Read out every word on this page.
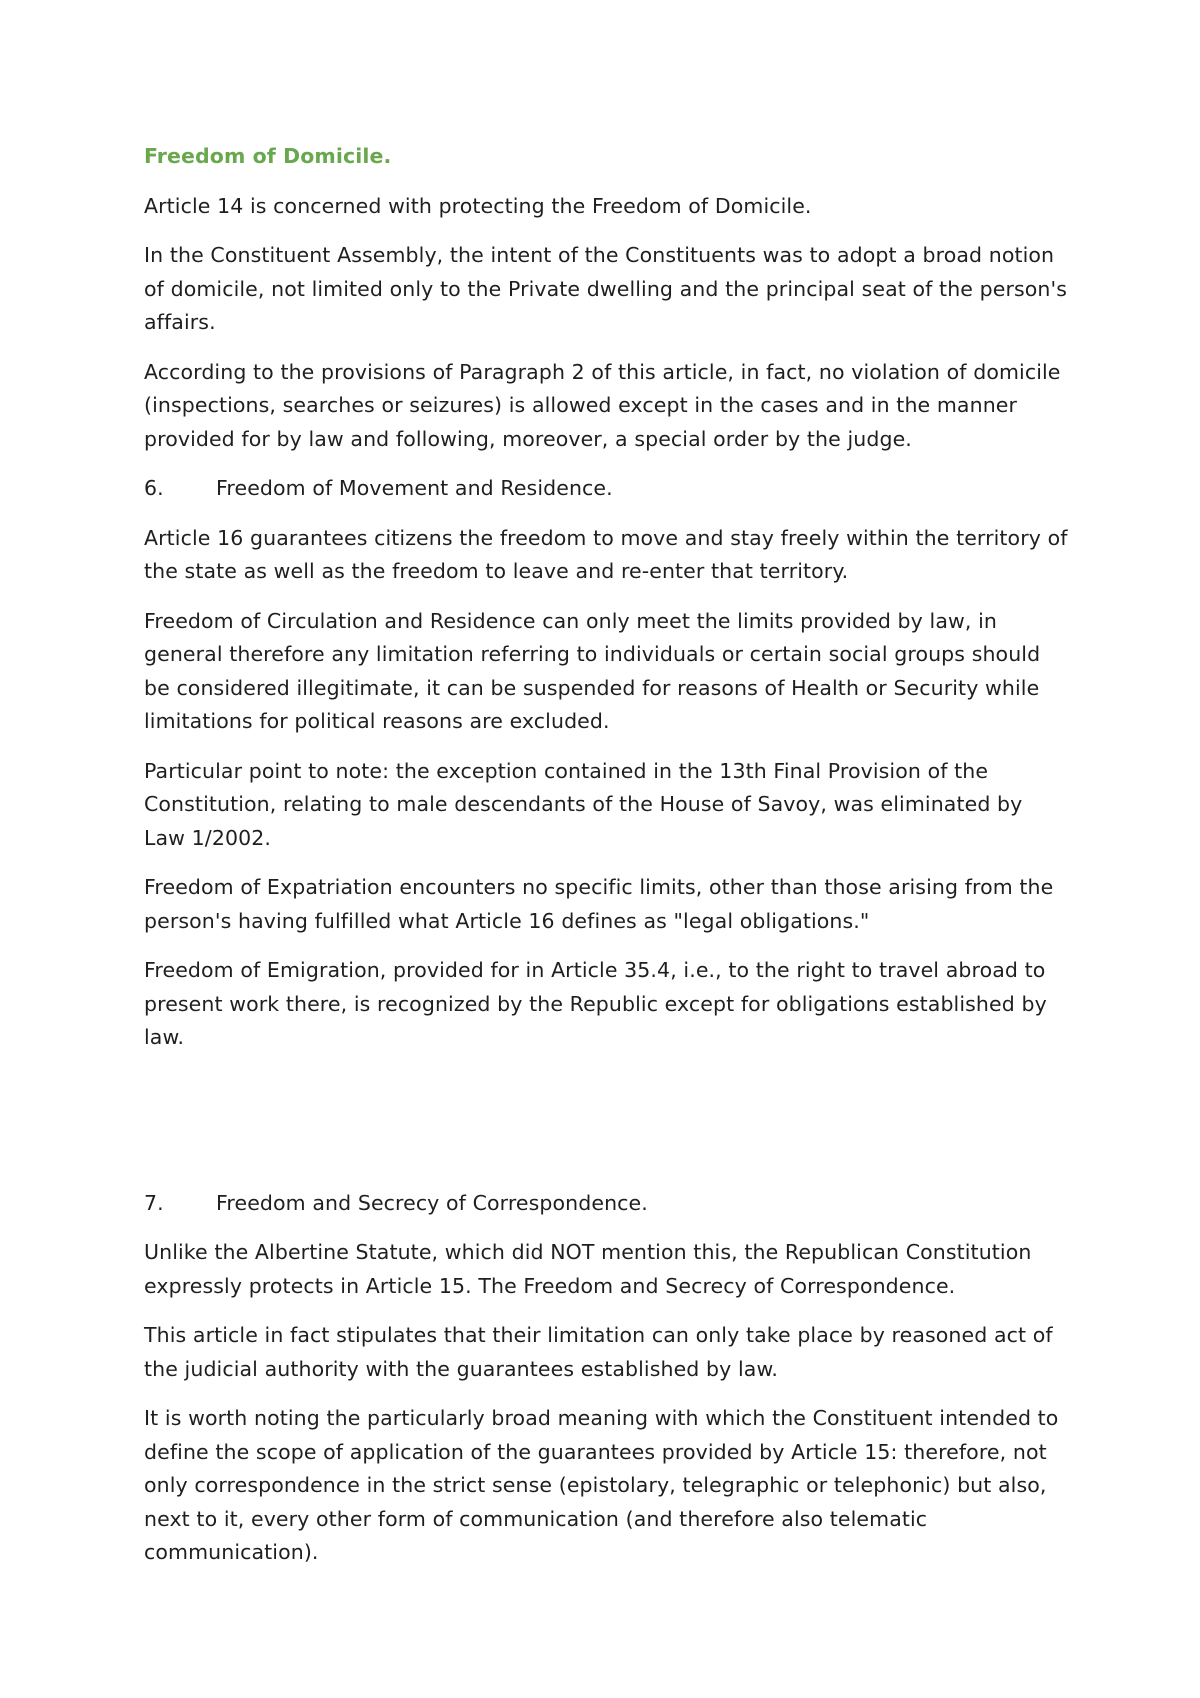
Freedom of Domicile.

Article 14 is concerned with protecting the Freedom of Domicile.

In the Constituent Assembly, the intent of the Constituents was to adopt a broad notion of domicile, not limited only to the Private dwelling and the principal seat of the person's affairs.

According to the provisions of Paragraph 2 of this article, in fact, no violation of domicile (inspections, searches or seizures) is allowed except in the cases and in the manner provided for by law and following, moreover, a special order by the judge.

6.	Freedom of Movement and Residence.

Article 16 guarantees citizens the freedom to move and stay freely within the territory of the state as well as the freedom to leave and re-enter that territory.

Freedom of Circulation and Residence can only meet the limits provided by law, in general therefore any limitation referring to individuals or certain social groups should be considered illegitimate, it can be suspended for reasons of Health or Security while limitations for political reasons are excluded.

Particular point to note: the exception contained in the 13th Final Provision of the Constitution, relating to male descendants of the House of Savoy, was eliminated by Law 1/2002.

Freedom of Expatriation encounters no specific limits, other than those arising from the person's having fulfilled what Article 16 defines as "legal obligations."

Freedom of Emigration, provided for in Article 35.4, i.e., to the right to travel abroad to present work there, is recognized by the Republic except for obligations established by law.

7.	Freedom and Secrecy of Correspondence.

Unlike the Albertine Statute, which did NOT mention this, the Republican Constitution expressly protects in Article 15. The Freedom and Secrecy of Correspondence.

This article in fact stipulates that their limitation can only take place by reasoned act of the judicial authority with the guarantees established by law.

It is worth noting the particularly broad meaning with which the Constituent intended to define the scope of application of the guarantees provided by Article 15: therefore, not only correspondence in the strict sense (epistolary, telegraphic or telephonic) but also, next to it, every other form of communication (and therefore also telematic communication).
